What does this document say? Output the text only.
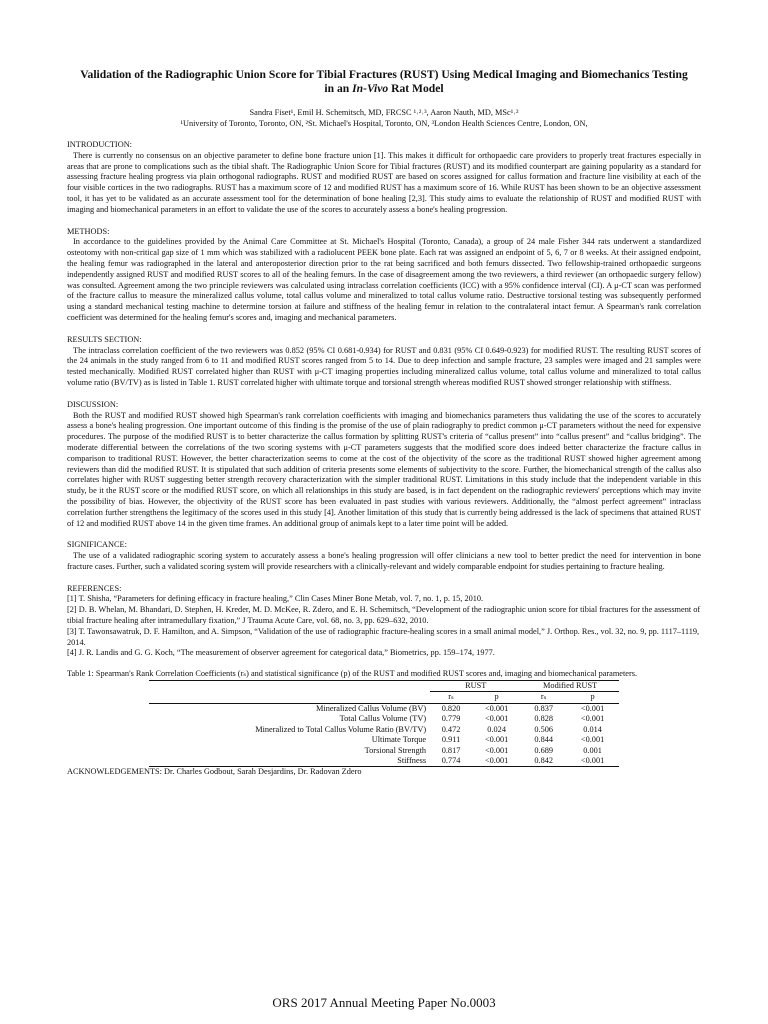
Validation of the Radiographic Union Score for Tibial Fractures (RUST) Using Medical Imaging and Biomechanics Testing
in an In-Vivo Rat Model

Sandra Fiset¹, Emil H. Schemitsch, MD, FRCSC ¹˒²˒³, Aaron Nauth, MD, MSc¹˒²

¹University of Toronto, Toronto, ON, ²St. Michael's Hospital, Toronto, ON, ³London Health Sciences Centre, London, ON,

INTRODUCTION:

There is currently no consensus on an objective parameter to define bone fracture union [1]. This makes it difficult for orthopaedic care providers to properly treat fractures especially in areas that are prone to complications such as the tibial shaft. The Radiographic Union Score for Tibial fractures (RUST) and its modified counterpart are gaining popularity as a standard for assessing fracture healing progress via plain orthogonal radiographs. RUST and modified RUST are based on scores assigned for callus formation and fracture line visibility at each of the four visible cortices in the two radiographs. RUST has a maximum score of 12 and modified RUST has a maximum score of 16. While RUST has been shown to be an objective assessment tool, it has yet to be validated as an accurate assessment tool for the determination of bone healing [2,3]. This study aims to evaluate the relationship of RUST and modified RUST with imaging and biomechanical parameters in an effort to validate the use of the scores to accurately assess a bone's healing progression.

METHODS:

In accordance to the guidelines provided by the Animal Care Committee at St. Michael's Hospital (Toronto, Canada), a group of 24 male Fisher 344 rats underwent a standardized osteotomy with non-critical gap size of 1 mm which was stabilized with a radiolucent PEEK bone plate. Each rat was assigned an endpoint of 5, 6, 7 or 8 weeks. At their assigned endpoint, the healing femur was radiographed in the lateral and anteroposterior direction prior to the rat being sacrificed and both femurs dissected. Two fellowship-trained orthopaedic surgeons independently assigned RUST and modified RUST scores to all of the healing femurs. In the case of disagreement among the two reviewers, a third reviewer (an orthopaedic surgery fellow) was consulted. Agreement among the two principle reviewers was calculated using intraclass correlation coefficients (ICC) with a 95% confidence interval (CI). A μ-CT scan was performed of the fracture callus to measure the mineralized callus volume, total callus volume and mineralized to total callus volume ratio. Destructive torsional testing was subsequently performed using a standard mechanical testing machine to determine torsion at failure and stiffness of the healing femur in relation to the contralateral intact femur. A Spearman's rank correlation coefficient was determined for the healing femur's scores and, imaging and mechanical parameters.

RESULTS SECTION:

The intraclass correlation coefficient of the two reviewers was 0.852 (95% CI 0.681-0.934) for RUST and 0.831 (95% CI 0.649-0.923) for modified RUST. The resulting RUST scores of the 24 animals in the study ranged from 6 to 11 and modified RUST scores ranged from 5 to 14. Due to deep infection and sample fracture, 23 samples were imaged and 21 samples were tested mechanically. Modified RUST correlated higher than RUST with μ-CT imaging properties including mineralized callus volume, total callus volume and mineralized to total callus volume ratio (BV/TV) as is listed in Table 1. RUST correlated higher with ultimate torque and torsional strength whereas modified RUST showed stronger relationship with stiffness.

DISCUSSION:

Both the RUST and modified RUST showed high Spearman's rank correlation coefficients with imaging and biomechanics parameters thus validating the use of the scores to accurately assess a bone's healing progression. One important outcome of this finding is the promise of the use of plain radiography to predict common μ-CT parameters without the need for expensive procedures. The purpose of the modified RUST is to better characterize the callus formation by splitting RUST's criteria of “callus present” into “callus present” and “callus bridging”. The moderate differential between the correlations of the two scoring systems with μ-CT parameters suggests that the modified score does indeed better characterize the fracture callus in comparison to traditional RUST. However, the better characterization seems to come at the cost of the objectivity of the score as the traditional RUST showed higher agreement among reviewers than did the modified RUST. It is stipulated that such addition of criteria presents some elements of subjectivity to the score. Further, the biomechanical strength of the callus also correlates higher with RUST suggesting better strength recovery characterization with the simpler traditional RUST. Limitations in this study include that the independent variable in this study, be it the RUST score or the modified RUST score, on which all relationships in this study are based, is in fact dependent on the radiographic reviewers' perceptions which may invite the possibility of bias. However, the objectivity of the RUST score has been evaluated in past studies with various reviewers. Additionally, the “almost perfect agreement” intraclass correlation further strengthens the legitimacy of the scores used in this study [4]. Another limitation of this study that is currently being addressed is the lack of specimens that attained RUST of 12 and modified RUST above 14 in the given time frames. An additional group of animals kept to a later time point will be added.

SIGNIFICANCE:

The use of a validated radiographic scoring system to accurately assess a bone's healing progression will offer clinicians a new tool to better predict the need for intervention in bone fracture cases. Further, such a validated scoring system will provide researchers with a clinically-relevant and widely comparable endpoint for studies pertaining to fracture healing.

REFERENCES:

[1] T. Shisha, “Parameters for defining efficacy in fracture healing,” Clin Cases Miner Bone Metab, vol. 7, no. 1, p. 15, 2010.
[2] D. B. Whelan, M. Bhandari, D. Stephen, H. Kreder, M. D. McKee, R. Zdero, and E. H. Schemitsch, “Development of the radiographic union score for tibial fractures for the assessment of tibial fracture healing after intramedullary fixation,” J Trauma Acute Care, vol. 68, no. 3, pp. 629–632, 2010.
[3] T. Tawonsawatruk, D. F. Hamilton, and A. Simpson, “Validation of the use of radiographic fracture-healing scores in a small animal model,” J. Orthop. Res., vol. 32, no. 9, pp. 1117–1119, 2014.
[4] J. R. Landis and G. G. Koch, “The measurement of observer agreement for categorical data,” Biometrics, pp. 159–174, 1977.

Table 1: Spearman's Rank Correlation Coefficients (rₛ) and statistical significance (p) of the RUST and modified RUST scores and, imaging and biomechanical parameters.

	RUST		Modified RUST	
	rₛ	p	rₛ	p
Mineralized Callus Volume (BV)	0.820	<0.001	0.837	<0.001
Total Callus Volume (TV)	0.779	<0.001	0.828	<0.001
Mineralized to Total Callus Volume Ratio (BV/TV)	0.472	0.024	0.506	0.014
Ultimate Torque	0.911	<0.001	0.844	<0.001
Torsional Strength	0.817	<0.001	0.689	0.001
Stiffness	0.774	<0.001	0.842	<0.001

ACKNOWLEDGEMENTS: Dr. Charles Godbout, Sarah Desjardins, Dr. Radovan Zdero

ORS 2017 Annual Meeting Paper No.0003
